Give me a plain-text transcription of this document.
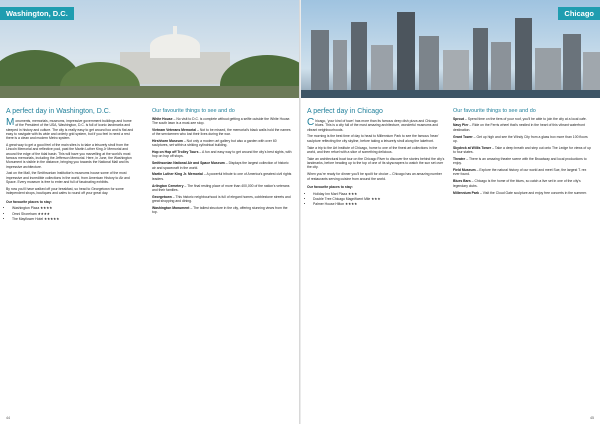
Washington, D.C.
A perfect day in Washington, D.C.

Monuments, memorials, museums, impressive government buildings and home of the President of the USA, Washington, D.C. is full of iconic landmarks and steeped in history and culture. The city is really easy to get around too and is flat and easy to navigate with its wide and orderly grid system, but if you feel in need a rest there is a clean and modern Metro system.

A great way to get a good feel of the main sites is to take a leisurely stroll from the Lincoln Memorial and reflective pool, past the Martin Luther King Jr Memorial and around the edge of the tidal basin. This will have you marvelling at the world's most famous memorials, including the Jefferson Memorial. Here, in June, the Washington Monument is visible in the distance, bringing you towards the National Mall and its impressive architecture.

Just on the Mall, the Smithsonian Institution's museums house some of the most impressive and incredible collections in the world, from American History to Air and Space. Every museum is free to enter and full of fascinating exhibits.

By now you'll have walked off your breakfast, so head to Georgetown for some independent shops, boutiques and cafes to round off your great day.

Our favourite places to stay:

• Washington Plaza ★★★★
• Omni Shoreham ★★★★
• The Mayflower Hotel ★★★★★
Our favourite things to see and do

White House – No visit to D.C. is complete without getting a selfie outside the White House. The south lawn is a must-see stop.

Vietnam Veterans Memorial – Not to be missed, the memorial's black walls hold the names of the servicemen who lost their lives during the war.

Hirshhorn Museum – Not only a modern art gallery but also a garden with over 60 sculptures, set within a striking cylindrical building.

Hop on Hop off Trolley Tours – A fun and easy way to get around the city's best sights, with hop on hop off stops.

Smithsonian National Air and Space Museum – Displays the largest collection of historic air and spacecraft in the world.

Martin Luther King Jr. Memorial – A powerful tribute to one of America's greatest civil rights leaders.

Arlington Cemetery – The final resting place of more than 400,000 of the nation's veterans and their families.

Georgetown – This historic neighbourhood is full of elegant homes, cobblestone streets and great shopping and dining.

Washington Monument – The tallest structure in the city, offering stunning views from the top.

44
Chicago
A perfect day in Chicago

Chicago, 'your kind of town' has more than its famous deep dish pizza and Chicago blues. This is a city full of the most amazing architecture, wonderful museums and vibrant neighbourhoods.

The morning is the best time of day to head to Millennium Park to see the famous 'bean' sculpture reflecting the city skyline, before taking a leisurely stroll along the lakefront.

Take a trip to the Art Institute of Chicago, home to one of the finest art collections in the world, and then refuel with a slice of something delicious.

Take an architectural boat tour on the Chicago River to discover the stories behind the city's landmarks, before heading up to the top of one of its skyscrapers to watch the sun set over the city.

When you're ready for dinner you'll be spoilt for choice – Chicago has an amazing number of restaurants serving cuisine from around the world.

Our favourite places to stay:

• Holiday Inn Mart Plaza ★★★
• Double Tree Chicago Magnificent Mile ★★★
• Palmer House Hilton ★★★★
Our favourite things to see and do

Sprout – Spend time on the tiers of your roof, you'll be able to join the city at a local cafe.

Navy Pier – Ride on the Ferris wheel that's nestled in the heart of this vibrant waterfront destination.

Grant Tower – Get up high and see the Windy City from a glass box more than 100 floors up.

Skydeck at Willis Tower – Take a deep breath and step out onto The Ledge for views of up to four states.

Theatre – There is an amazing theatre scene with the Broadway and local productions to enjoy.

Field Museum – Explore the natural history of our world and meet Sue, the largest T. rex ever found.

Blues Bars – Chicago is the home of the blues, so catch a live set in one of the city's legendary clubs.

Millennium Park – Visit the Cloud Gate sculpture and enjoy free concerts in the summer.

45
